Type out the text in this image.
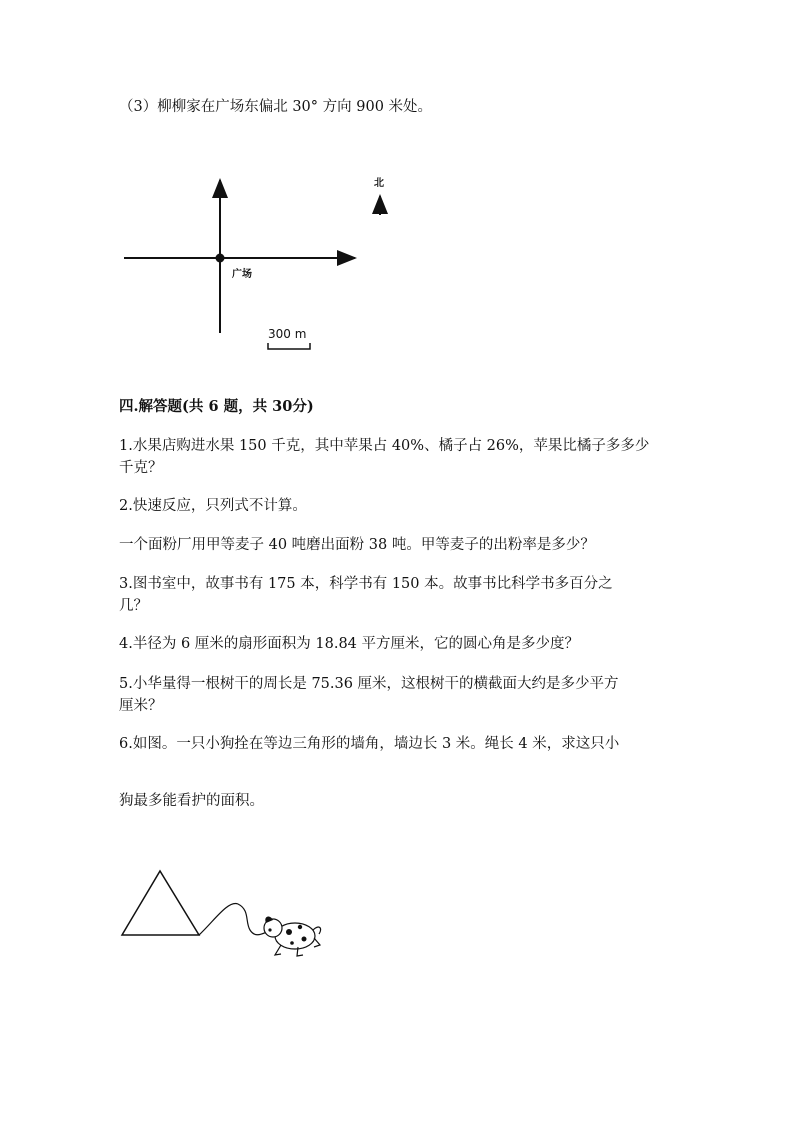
（3）柳柳家在广场东偏北 30° 方向 900 米处。
广场
北
300 m
四.解答题(共 6 题，共 30分)
1.水果店购进水果 150 千克，其中苹果占 40%、橘子占 26%，苹果比橘子多多少
千克？
2.快速反应，只列式不计算。
一个面粉厂用甲等麦子 40 吨磨出面粉 38 吨。甲等麦子的出粉率是多少？
3.图书室中，故事书有 175 本，科学书有 150 本。故事书比科学书多百分之
几？
4.半径为 6 厘米的扇形面积为 18.84 平方厘米，它的圆心角是多少度？
5.小华量得一根树干的周长是 75.36 厘米，这根树干的横截面大约是多少平方
厘米？
6.如图。一只小狗拴在等边三角形的墙角，墙边长 3 米。绳长 4 米，求这只小
狗最多能看护的面积。
